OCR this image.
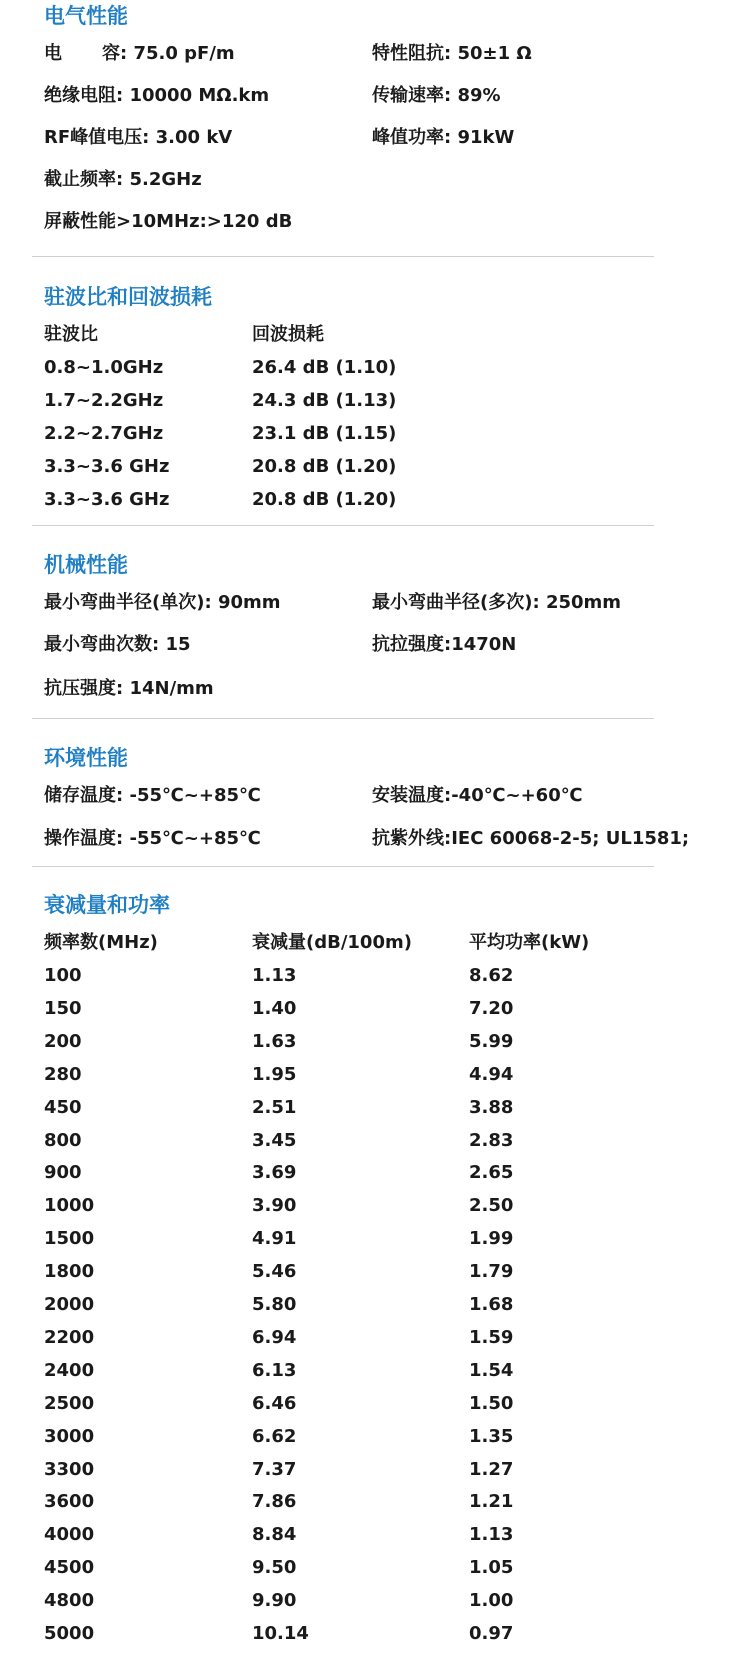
电气性能
电 容: 75.0 pF/m	特性阻抗: 50±1 Ω
绝缘电阻: 10000 MΩ.km	传输速率: 89%
RF峰值电压: 3.00 kV	峰值功率: 91kW
截止频率: 5.2GHz
屏蔽性能>10MHz:>120 dB
驻波比和回波损耗
驻波比	回波损耗
0.8~1.0GHz	26.4 dB (1.10)
1.7~2.2GHz	24.3 dB (1.13)
2.2~2.7GHz	23.1 dB (1.15)
3.3~3.6 GHz	20.8 dB (1.20)
3.3~3.6 GHz	20.8 dB (1.20)
机械性能
最小弯曲半径(单次): 90mm	最小弯曲半径(多次): 250mm
最小弯曲次数: 15	抗拉强度:1470N
抗压强度: 14N/mm
环境性能
储存温度: -55℃~+85℃	安装温度:-40℃~+60℃
操作温度: -55℃~+85℃	抗紫外线:IEC 60068-2-5; UL1581;
衰减量和功率
频率数(MHz)	衰减量(dB/100m)	平均功率(kW)
100	1.13	8.62
150	1.40	7.20
200	1.63	5.99
280	1.95	4.94
450	2.51	3.88
800	3.45	2.83
900	3.69	2.65
1000	3.90	2.50
1500	4.91	1.99
1800	5.46	1.79
2000	5.80	1.68
2200	6.94	1.59
2400	6.13	1.54
2500	6.46	1.50
3000	6.62	1.35
3300	7.37	1.27
3600	7.86	1.21
4000	8.84	1.13
4500	9.50	1.05
4800	9.90	1.00
5000	10.14	0.97
